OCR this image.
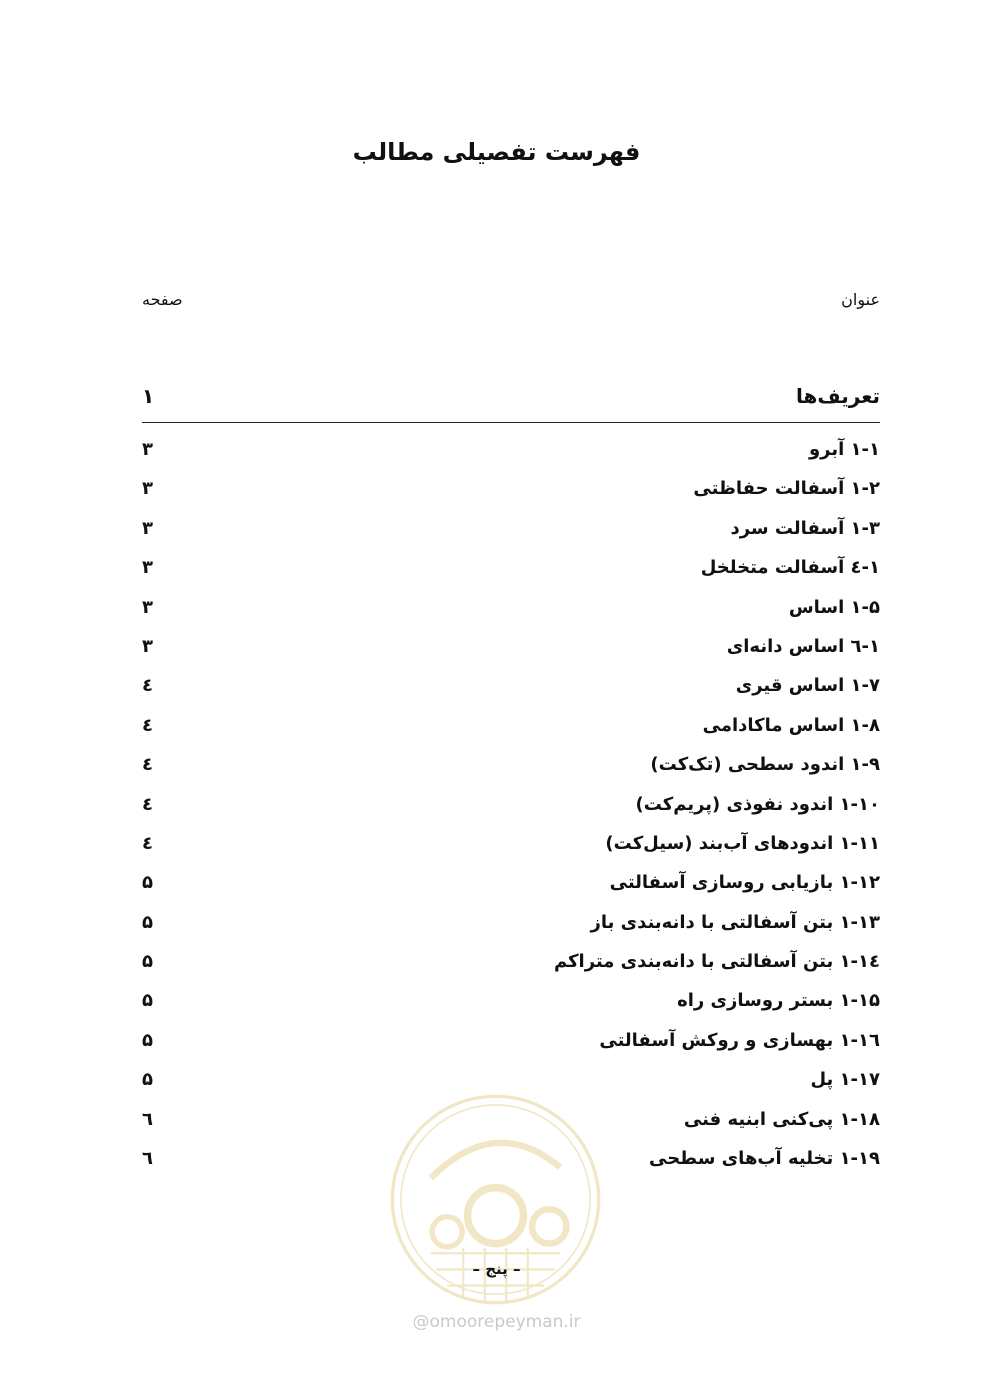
فهرست تفصیلی مطالب
عنوان
صفحه
تعریف‌ها
۱
۱-۱ آبرو
۳
۱-۲ آسفالت حفاظتی
۳
۱-۳ آسفالت سرد
۳
۱-٤ آسفالت متخلخل
۳
۱-۵ اساس
۳
۱-٦ اساس دانه‌ای
۳
۱-۷ اساس قیری
٤
۱-۸ اساس ماکادامی
٤
۱-۹ اندود سطحی (تک‌کت)
٤
۱-۱۰ اندود نفوذی (پریم‌کت)
٤
۱-۱۱ اندودهای آب‌بند (سیل‌کت)
٤
۱-۱۲ بازیابی روسازی آسفالتی
۵
۱-۱۳ بتن آسفالتی با دانه‌بندی باز
۵
۱-۱٤ بتن آسفالتی با دانه‌بندی متراکم
۵
۱-۱۵ بستر روسازی راه
۵
۱-۱٦ بهسازی و روکش آسفالتی
۵
۱-۱۷ پل
۵
۱-۱۸ پی‌کنی ابنیه فنی
٦
۱-۱۹ تخلیه آب‌های سطحی
٦
– پنج –
@omoorepeyman.ir
